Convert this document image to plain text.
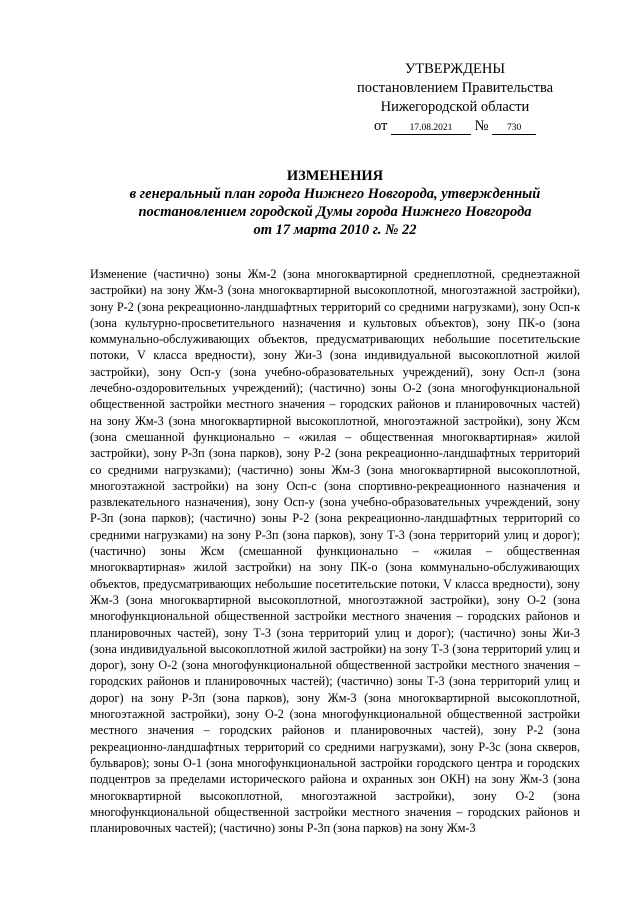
УТВЕРЖДЕНЫ
постановлением Правительства
Нижегородской области
от 17.08.2021 № 730
ИЗМЕНЕНИЯ
в генеральный план города Нижнего Новгорода, утвержденный
постановлением городской Думы города Нижнего Новгорода
от 17 марта 2010 г. № 22
Изменение (частично) зоны Жм-2 (зона многоквартирной среднеплотной, среднеэтажной застройки) на зону Жм-3 (зона многоквартирной высокоплотной, многоэтажной застройки), зону Р-2 (зона рекреационно-ландшафтных территорий со средними нагрузками), зону Осп-к (зона культурно-просветительного назначения и культовых объектов), зону ПК-о (зона коммунально-обслуживающих объектов, предусматривающих небольшие посетительские потоки, V класса вредности), зону Жи-3 (зона индивидуальной высокоплотной жилой застройки), зону Осп-у (зона учебно-образовательных учреждений), зону Осп-л (зона лечебно-оздоровительных учреждений); (частично) зоны О-2 (зона многофункциональной общественной застройки местного значения – городских районов и планировочных частей) на зону Жм-3 (зона многоквартирной высокоплотной, многоэтажной застройки), зону Жсм (зона смешанной функционально – «жилая – общественная многоквартирная» жилой застройки), зону Р-3п (зона парков), зону Р-2 (зона рекреационно-ландшафтных территорий со средними нагрузками); (частично) зоны Жм-3 (зона многоквартирной высокоплотной, многоэтажной застройки) на зону Осп-с (зона спортивно-рекреационного назначения и развлекательного назначения), зону Осп-у (зона учебно-образовательных учреждений, зону Р-3п (зона парков); (частично) зоны Р-2 (зона рекреационно-ландшафтных территорий со средними нагрузками) на зону Р-3п (зона парков), зону Т-3 (зона территорий улиц и дорог); (частично) зоны Жсм (смешанной функционально – «жилая – общественная многоквартирная» жилой застройки) на зону ПК-о (зона коммунально-обслуживающих объектов, предусматривающих небольшие посетительские потоки, V класса вредности), зону Жм-3 (зона многоквартирной высокоплотной, многоэтажной застройки), зону О-2 (зона многофункциональной общественной застройки местного значения – городских районов и планировочных частей), зону Т-3 (зона территорий улиц и дорог); (частично) зоны Жи-3 (зона индивидуальной высокоплотной жилой застройки) на зону Т-3 (зона территорий улиц и дорог), зону О-2 (зона многофункциональной общественной застройки местного значения –городских районов и планировочных частей); (частично) зоны Т-3 (зона территорий улиц и дорог) на зону Р-3п (зона парков), зону Жм-3 (зона многоквартирной высокоплотной, многоэтажной застройки), зону О-2 (зона многофункциональной общественной застройки местного значения – городских районов и планировочных частей), зону Р-2 (зона рекреационно-ландшафтных территорий со средними нагрузками), зону Р-3с (зона скверов, бульваров); зоны О-1 (зона многофункциональной застройки городского центра и городских подцентров за пределами исторического района и охранных зон ОКН) на зону Жм-3 (зона многоквартирной высокоплотной, многоэтажной застройки), зону О-2 (зона многофункциональной общественной застройки местного значения – городских районов и планировочных частей); (частично) зоны Р-3п (зона парков) на зону Жм-3
